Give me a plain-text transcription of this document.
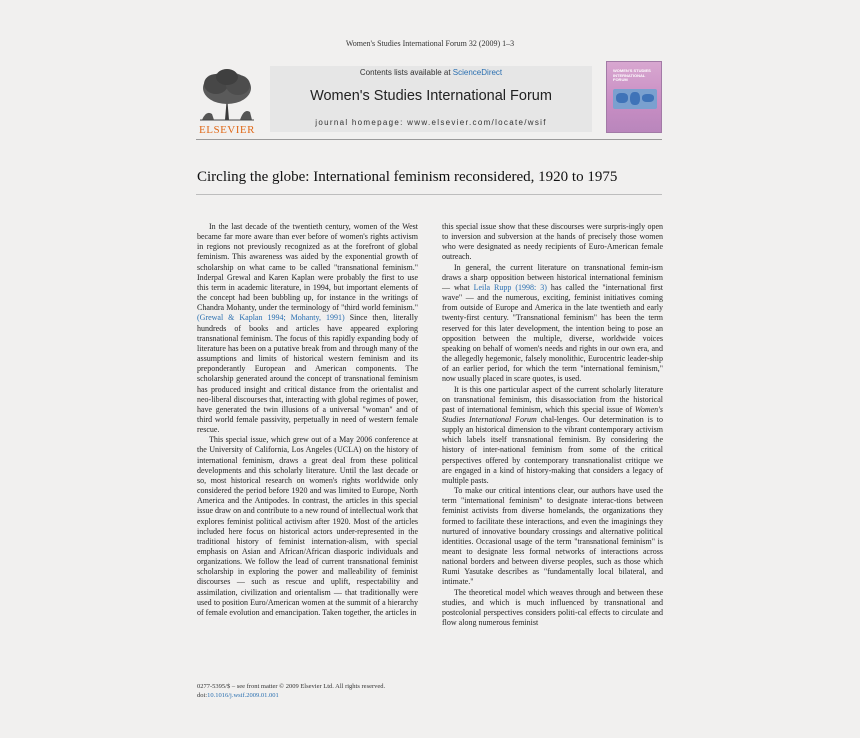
Women's Studies International Forum 32 (2009) 1–3
ELSEVIER
Contents lists available at ScienceDirect
Women's Studies International Forum
journal homepage: www.elsevier.com/locate/wsif
WOMEN'S STUDIES INTERNATIONAL FORUM
Circling the globe: International feminism reconsidered, 1920 to 1975

In the last decade of the twentieth century, women of the West became far more aware than ever before of women's rights activism in regions not previously recognized as at the forefront of global feminism. This awareness was aided by the exponential growth of scholarship on what came to be called "transnational feminism." Inderpal Grewal and Karen Kaplan were probably the first to use this term in academic literature, in 1994, but important elements of the concept had been bubbling up, for instance in the writings of Chandra Mohanty, under the terminology of "third world feminism." (Grewal & Kaplan 1994; Mohanty, 1991) Since then, literally hundreds of books and articles have appeared exploring transnational feminism. The focus of this rapidly expanding body of literature has been on a putative break from and through many of the assumptions and limits of historical western feminism and its preponderantly European and American components. The scholarship generated around the concept of transnational feminism has produced insight and critical distance from the orientalist and neo-liberal discourses that, interacting with global regimes of power, have generated the twin illusions of a universal "woman" and of third world female passivity, perpetually in need of western female rescue.

This special issue, which grew out of a May 2006 conference at the University of California, Los Angeles (UCLA) on the history of international feminism, draws a great deal from these political developments and this scholarly literature. Until the last decade or so, most historical research on women's rights worldwide only considered the period before 1920 and was limited to Europe, North America and the Antipodes. In contrast, the articles in this special issue draw on and contribute to a new round of intellectual work that explores feminist political activism after 1920. Most of the articles included here focus on historical actors under-represented in the traditional history of feminist internation-alism, with special emphasis on Asian and African/African diasporic individuals and organizations. We follow the lead of current transnational feminist scholarship in exploring the power and malleability of feminist discourses — such as rescue and uplift, respectability and assimilation, civilization and orientalism — that traditionally were used to position Euro/American women at the summit of a hierarchy of female evolution and emancipation. Taken together, the articles in

this special issue show that these discourses were surpris-ingly open to inversion and subversion at the hands of precisely those women who were designated as needy recipients of Euro-American female outreach.

In general, the current literature on transnational femin-ism draws a sharp opposition between historical international feminism — what Leila Rupp (1998: 3) has called the "international first wave" — and the numerous, exciting, feminist initiatives coming from outside of Europe and America in the late twentieth and early twenty-first century. "Transnational feminism" has been the term reserved for this later development, the intention being to pose an opposition between the multiple, diverse, worldwide voices speaking on behalf of women's needs and rights in our own era, and the allegedly hegemonic, falsely monolithic, Eurocentric leader-ship of an earlier period, for which the term "international feminism," now usually placed in scare quotes, is used.

It is this one particular aspect of the current scholarly literature on transnational feminism, this disassociation from the historical past of international feminism, which this special issue of Women's Studies International Forum chal-lenges. Our determination is to supply an historical dimension to the vibrant contemporary activism which labels itself transnational feminism. By considering the history of inter-national feminism from some of the critical perspectives offered by contemporary transnationalist critique we are engaged in a kind of history-making that considers a legacy of multiple pasts.

To make our critical intentions clear, our authors have used the term "international feminism" to designate interac-tions between feminist activists from diverse homelands, the organizations they formed to facilitate these interactions, and even the imaginings they nurtured of innovative boundary crossings and alternative political identities. Occasional usage of the term "transnational feminism" is meant to designate less formal networks of interactions across national borders and between diverse peoples, such as those which Rumi Yasutake describes as "fundamentally local bilateral, and intimate."

The theoretical model which weaves through and between these studies, and which is much influenced by transnational and postcolonial perspectives considers politi-cal effects to circulate and flow along numerous feminist

0277-5395/$ – see front matter © 2009 Elsevier Ltd. All rights reserved.
doi:10.1016/j.wsif.2009.01.001
